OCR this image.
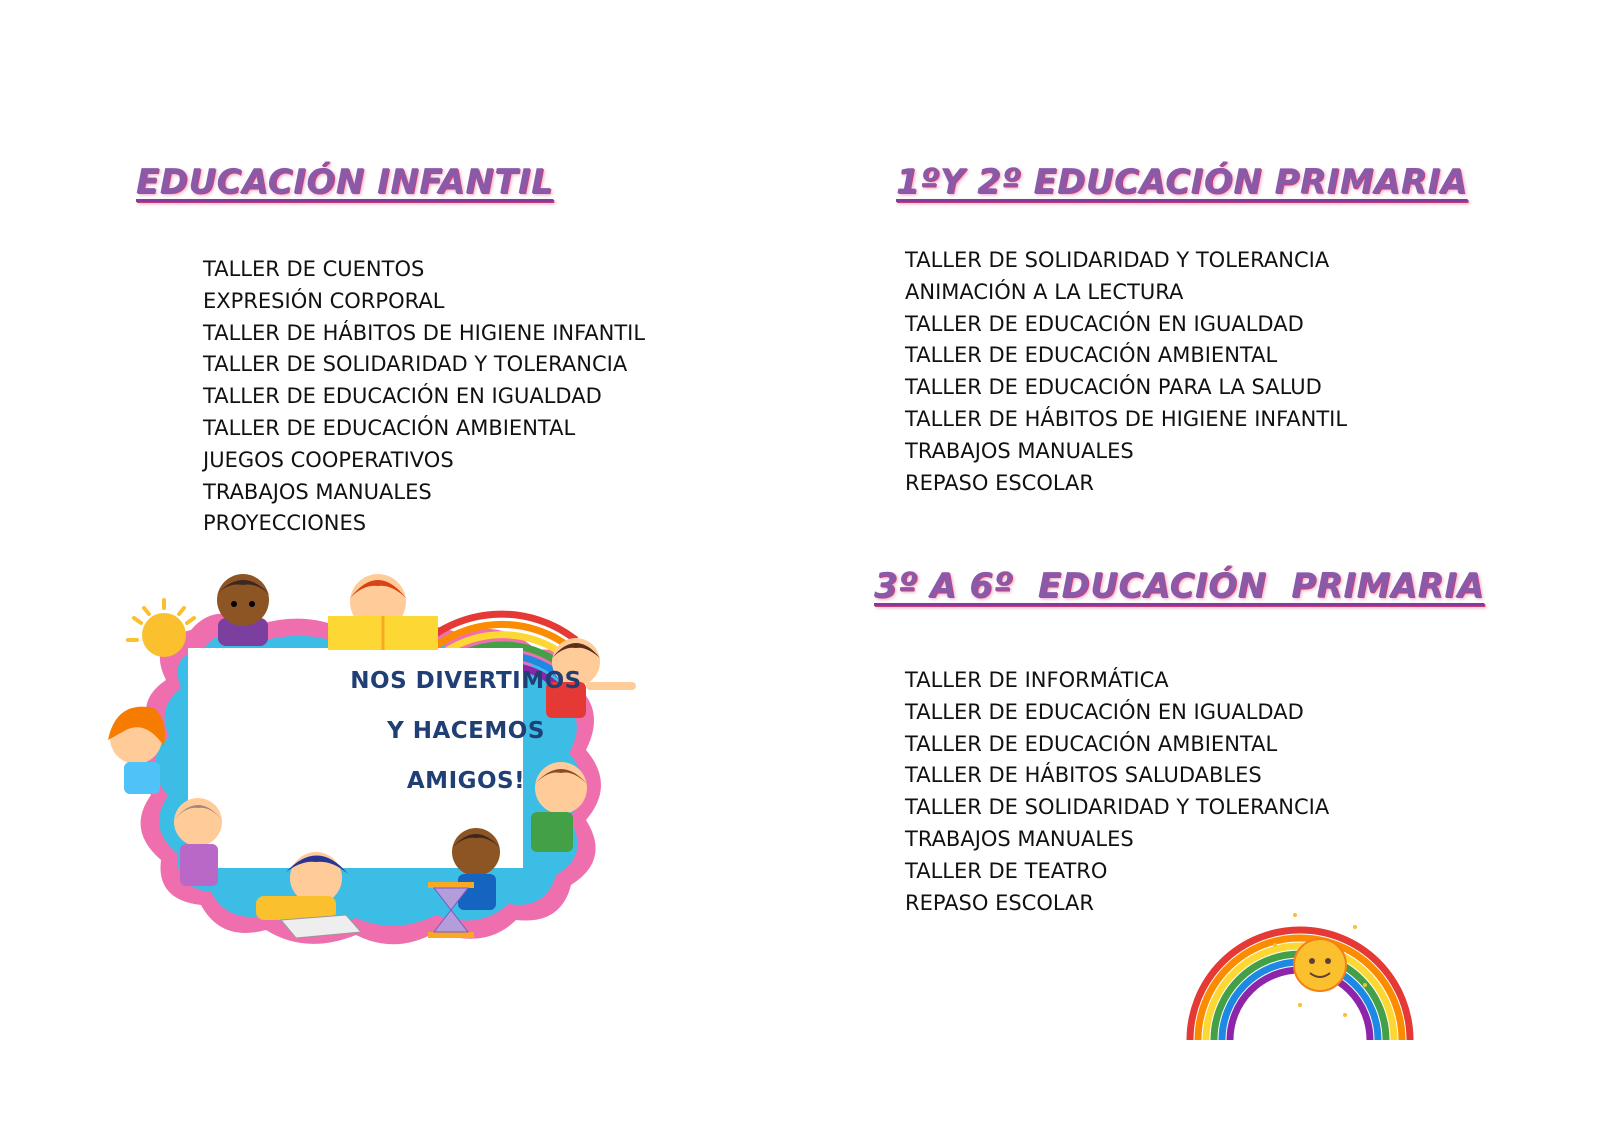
EDUCACIÓN INFANTIL
TALLER DE CUENTOS
EXPRESIÓN CORPORAL
TALLER DE HÁBITOS DE HIGIENE INFANTIL
TALLER DE SOLIDARIDAD Y TOLERANCIA
TALLER DE EDUCACIÓN EN IGUALDAD
TALLER DE EDUCACIÓN AMBIENTAL
JUEGOS COOPERATIVOS
TRABAJOS MANUALES
PROYECCIONES
1ºY 2º EDUCACIÓN PRIMARIA
TALLER DE SOLIDARIDAD Y TOLERANCIA
ANIMACIÓN A LA LECTURA
TALLER DE EDUCACIÓN EN IGUALDAD
TALLER DE EDUCACIÓN AMBIENTAL
TALLER DE EDUCACIÓN PARA LA SALUD
TALLER DE HÁBITOS DE HIGIENE INFANTIL
TRABAJOS MANUALES
REPASO ESCOLAR
3º A 6º  EDUCACIÓN  PRIMARIA
TALLER DE INFORMÁTICA
TALLER DE EDUCACIÓN EN IGUALDAD
TALLER DE EDUCACIÓN AMBIENTAL
TALLER DE HÁBITOS SALUDABLES
TALLER DE SOLIDARIDAD Y TOLERANCIA
TRABAJOS MANUALES
TALLER DE TEATRO
REPASO ESCOLAR
NOS DIVERTIMOS
Y HACEMOS
AMIGOS!
